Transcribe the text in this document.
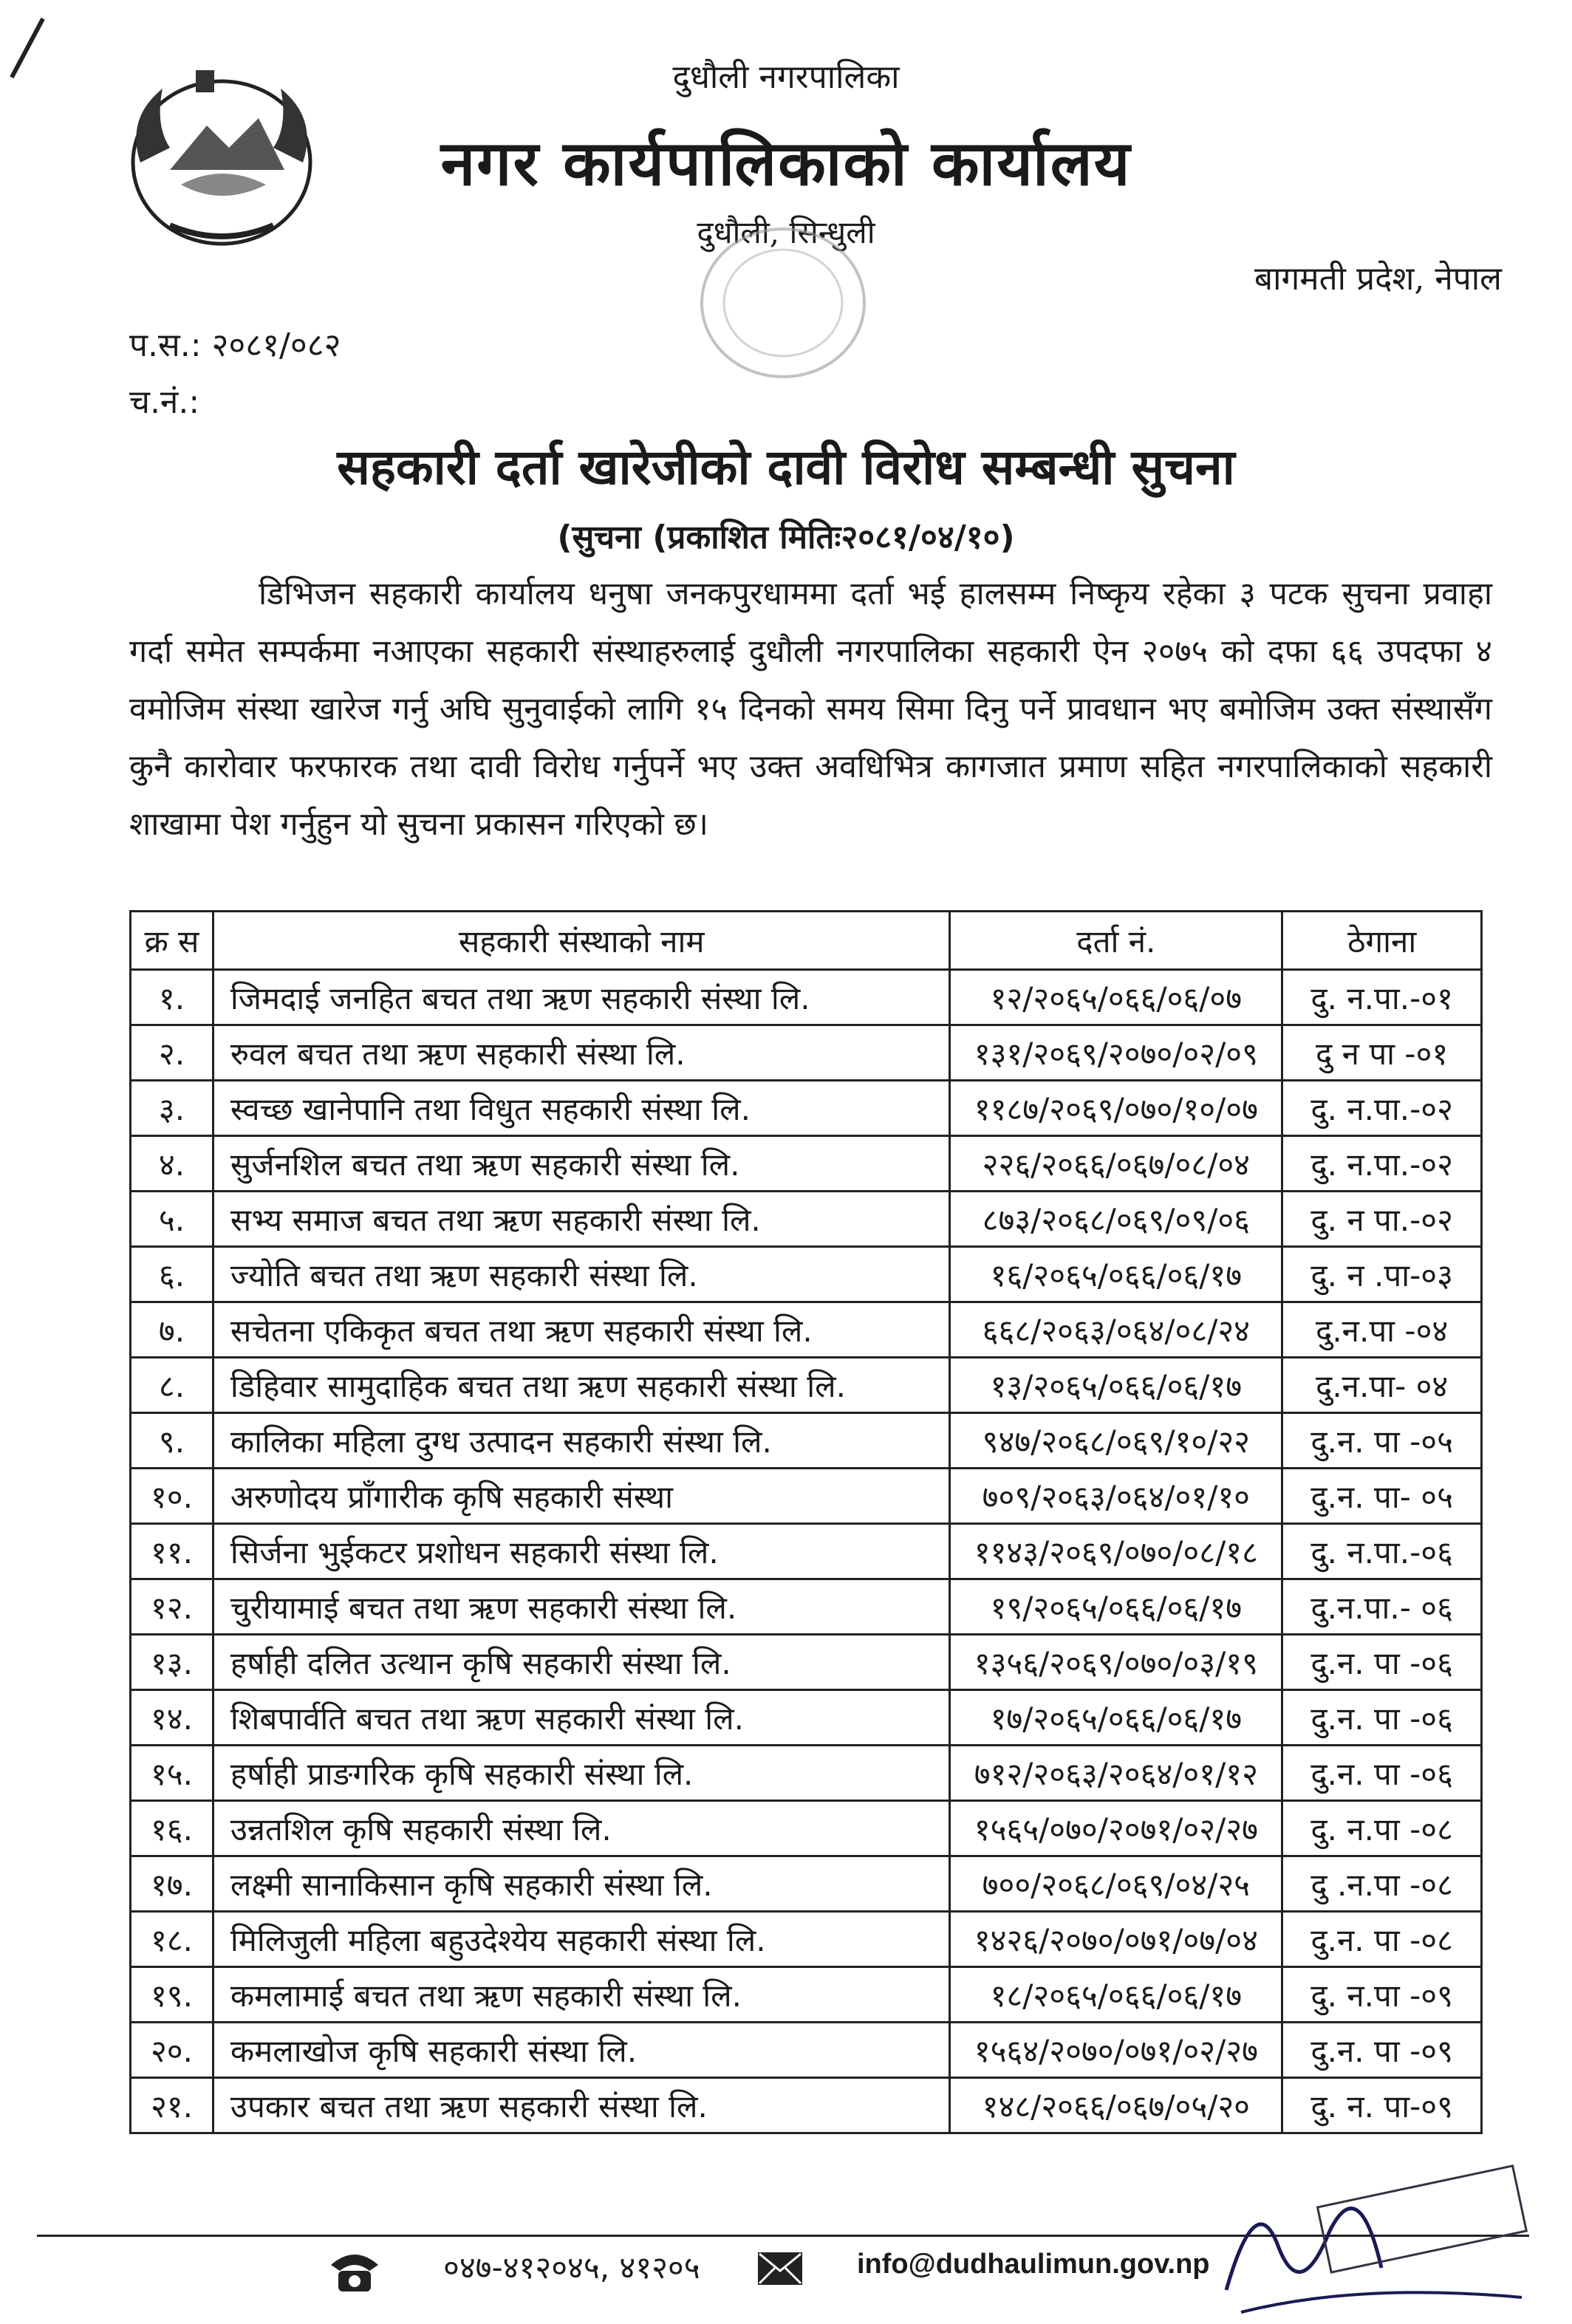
दुधौली नगरपालिका
नगर कार्यपालिकाको कार्यालय
दुधौली, सिन्धुली
बागमती प्रदेश, नेपाल
प.स.: २०८१/०८२
च.नं.:
सहकारी दर्ता खारेजीको दावी विरोध सम्बन्धी सुचना
(सुचना (प्रकाशित मितिः२०८१/०४/१०)
डिभिजन सहकारी कार्यालय धनुषा जनकपुरधाममा दर्ता भई हालसम्म निष्कृय रहेका ३ पटक सुचना प्रवाहा गर्दा समेत सम्पर्कमा नआएका सहकारी संस्थाहरुलाई दुधौली नगरपालिका सहकारी ऐन २०७५ को दफा ६६ उपदफा ४ वमोजिम संस्था खारेज गर्नु अघि सुनुवाईको लागि १५ दिनको समय सिमा दिनु पर्ने प्रावधान भए बमोजिम उक्त संस्थासँग कुनै कारोवार फरफारक तथा दावी विरोध गर्नुपर्ने भए उक्त अवधिभित्र कागजात प्रमाण सहित नगरपालिकाको सहकारी शाखामा पेश गर्नुहुन यो सुचना प्रकासन गरिएको छ।
क्र स	सहकारी संस्थाको नाम	दर्ता नं.	ठेगाना
१.	जिमदाई जनहित बचत तथा ऋण सहकारी संस्था लि.	१२/२०६५/०६६/०६/०७	दु. न.पा.-०१
२.	रुवल बचत तथा ऋण सहकारी संस्था लि.	१३१/२०६९/२०७०/०२/०९	दु न पा -०१
३.	स्वच्छ खानेपानि तथा विधुत सहकारी संस्था लि.	११८७/२०६९/०७०/१०/०७	दु. न.पा.-०२
४.	सुर्जनशिल बचत तथा ऋण सहकारी संस्था लि.	२२६/२०६६/०६७/०८/०४	दु. न.पा.-०२
५.	सभ्य समाज बचत तथा ऋण सहकारी संस्था लि.	८७३/२०६८/०६९/०९/०६	दु. न पा.-०२
६.	ज्योति बचत तथा ऋण सहकारी संस्था लि.	१६/२०६५/०६६/०६/१७	दु. न .पा-०३
७.	सचेतना एकिकृत बचत तथा ऋण सहकारी संस्था लि.	६६८/२०६३/०६४/०८/२४	दु.न.पा -०४
८.	डिहिवार सामुदाहिक बचत तथा ऋण सहकारी संस्था लि.	१३/२०६५/०६६/०६/१७	दु.न.पा- ०४
९.	कालिका महिला दुग्ध उत्पादन सहकारी संस्था लि.	९४७/२०६८/०६९/१०/२२	दु.न. पा -०५
१०.	अरुणोदय प्राँगारीक कृषि सहकारी संस्था	७०९/२०६३/०६४/०१/१०	दु.न. पा- ०५
११.	सिर्जना भुईकटर प्रशोधन सहकारी संस्था लि.	११४३/२०६९/०७०/०८/१८	दु. न.पा.-०६
१२.	चुरीयामाई बचत तथा ऋण सहकारी संस्था लि.	१९/२०६५/०६६/०६/१७	दु.न.पा.- ०६
१३.	हर्षाही दलित उत्थान कृषि सहकारी संस्था लि.	१३५६/२०६९/०७०/०३/१९	दु.न. पा -०६
१४.	शिबपार्वति बचत तथा ऋण सहकारी संस्था लि.	१७/२०६५/०६६/०६/१७	दु.न. पा -०६
१५.	हर्षाही प्राङगरिक कृषि सहकारी संस्था लि.	७१२/२०६३/२०६४/०१/१२	दु.न. पा -०६
१६.	उन्नतशिल कृषि सहकारी संस्था लि.	१५६५/०७०/२०७१/०२/२७	दु. न.पा -०८
१७.	लक्ष्मी सानाकिसान कृषि सहकारी संस्था लि.	७००/२०६८/०६९/०४/२५	दु .न.पा -०८
१८.	मिलिजुली महिला बहुउदेश्येय सहकारी संस्था लि.	१४२६/२०७०/०७१/०७/०४	दु.न. पा -०८
१९.	कमलामाई बचत तथा ऋण सहकारी संस्था लि.	१८/२०६५/०६६/०६/१७	दु. न.पा -०९
२०.	कमलाखोज कृषि सहकारी संस्था लि.	१५६४/२०७०/०७१/०२/२७	दु.न. पा -०९
२१.	उपकार बचत तथा ऋण सहकारी संस्था लि.	१४८/२०६६/०६७/०५/२०	दु. न. पा-०९
०४७-४१२०४५, ४१२०५	info@dudhaulimun.gov.np
